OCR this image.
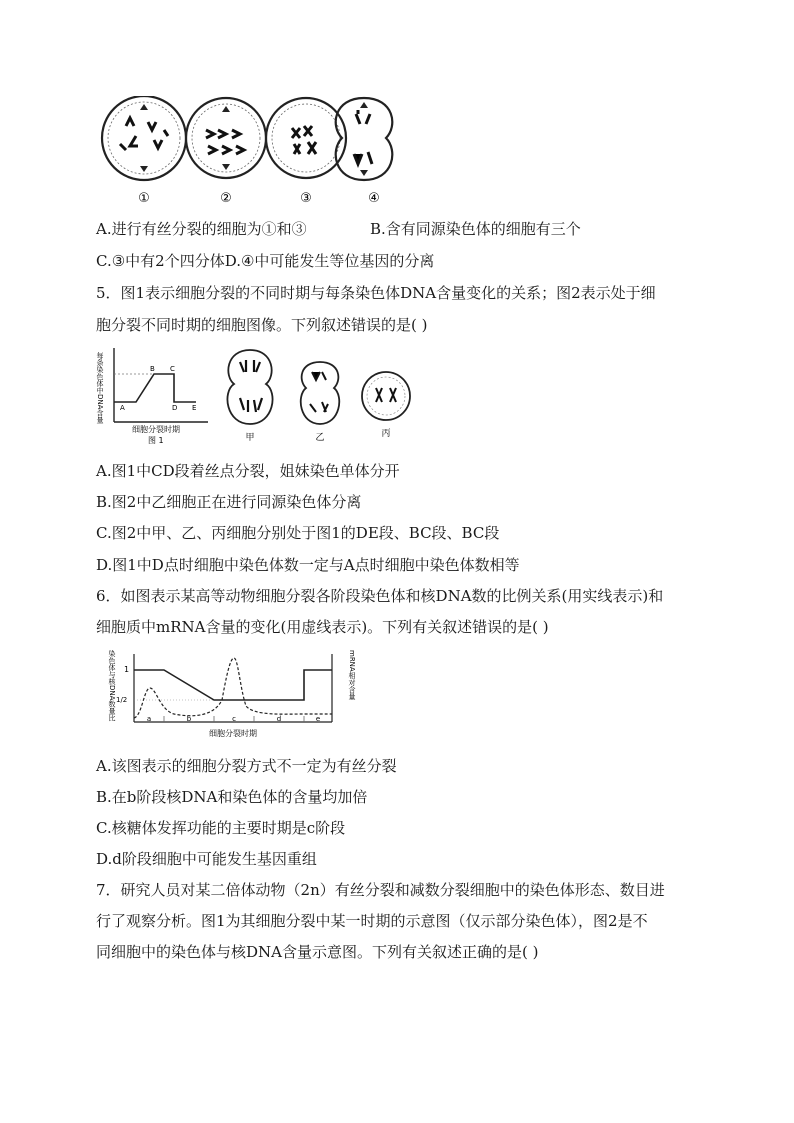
①	②	③	④
A.进行有丝分裂的细胞为①和③	B.含有同源染色体的细胞有三个
C.③中有2个四分体D.④中可能发生等位基因的分离
5．图1表示细胞分裂的不同时期与每条染色体DNA含量变化的关系；图2表示处于细
胞分裂不同时期的细胞图像。下列叙述错误的是( )
每条染色体中DNA含量 A
B C
D E
细胞分裂时期
图 1	甲	乙	丙
A.图1中CD段着丝点分裂，姐妹染色单体分开
B.图2中乙细胞正在进行同源染色体分离
C.图2中甲、乙、丙细胞分别处于图1的DE段、BC段、BC段
D.图1中D点时细胞中染色体数一定与A点时细胞中染色体数相等
6．如图表示某高等动物细胞分裂各阶段染色体和核DNA数的比例关系(用实线表示)和
细胞质中mRNA含量的变化(用虚线表示)。下列有关叙述错误的是( )
染色体与核DNA数量比	mRNA相对含量
1
1/2
a	b	c	d	e
细胞分裂时期
A.该图表示的细胞分裂方式不一定为有丝分裂
B.在b阶段核DNA和染色体的含量均加倍
C.核糖体发挥功能的主要时期是c阶段
D.d阶段细胞中可能发生基因重组
7．研究人员对某二倍体动物（2n）有丝分裂和减数分裂细胞中的染色体形态、数目进
行了观察分析。图1为其细胞分裂中某一时期的示意图（仅示部分染色体），图2是不
同细胞中的染色体与核DNA含量示意图。下列有关叙述正确的是( )
